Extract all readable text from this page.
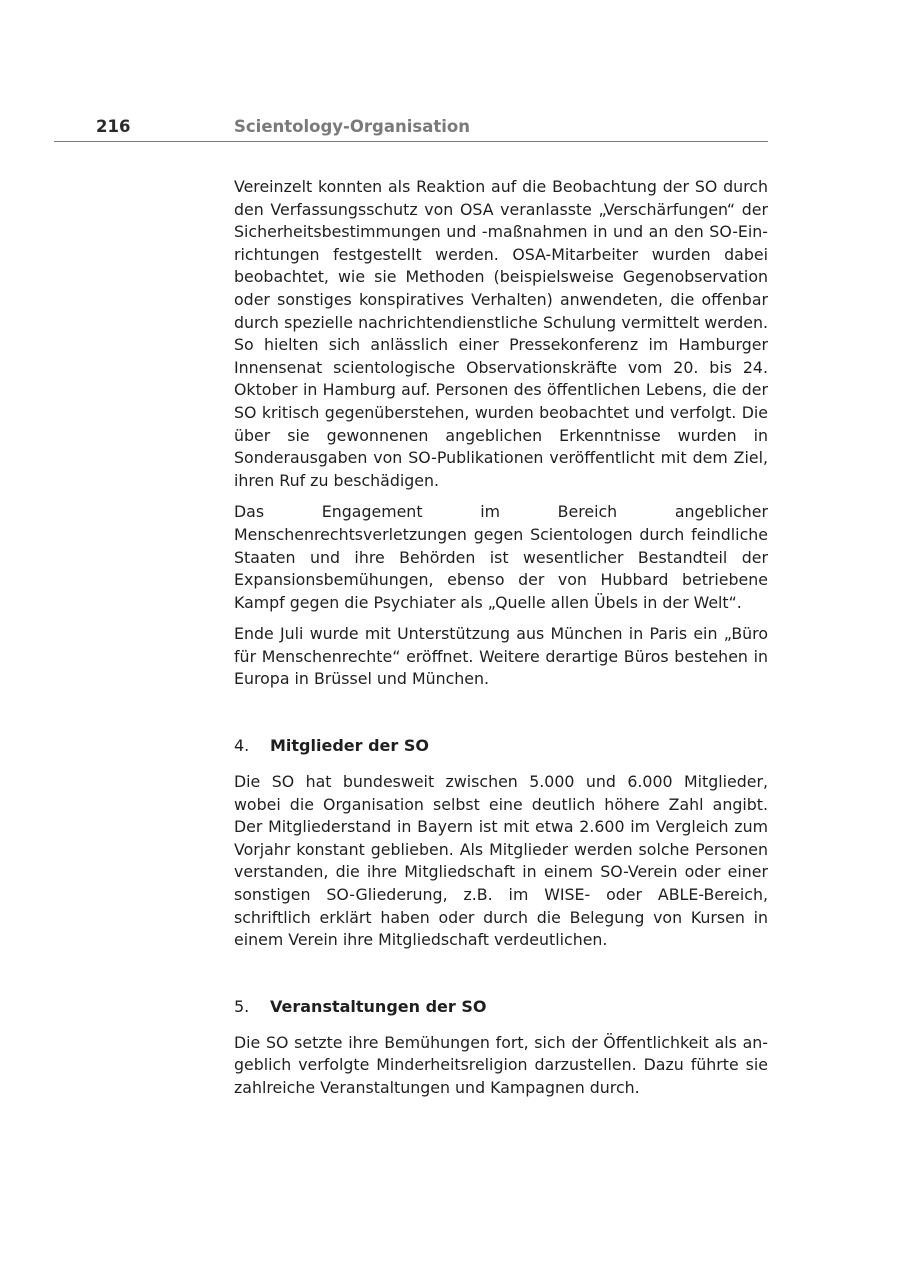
216	Scientology-Organisation

Vereinzelt konnten als Reaktion auf die Beobachtung der SO durch den Verfassungsschutz von OSA veranlasste „Verschärfungen“ der Sicherheitsbestimmungen und -maßnahmen in und an den SO-Einrichtungen festgestellt werden. OSA-Mitarbeiter wurden dabei beobachtet, wie sie Methoden (beispielsweise Gegenobservation oder sonstiges konspiratives Verhalten) anwendeten, die offenbar durch spezielle nachrichtendienstliche Schulung vermittelt werden. So hielten sich anlässlich einer Pressekonferenz im Hamburger Innensenat scientologische Observationskräfte vom 20. bis 24. Oktober in Hamburg auf. Personen des öffentlichen Lebens, die der SO kritisch gegenüberstehen, wurden beobachtet und verfolgt. Die über sie gewonnenen angeblichen Erkenntnisse wurden in Sonderausgaben von SO-Publikationen veröffentlicht mit dem Ziel, ihren Ruf zu beschädigen.

Das Engagement im Bereich angeblicher Menschenrechtsverletzungen gegen Scientologen durch feindliche Staaten und ihre Behörden ist wesentlicher Bestandteil der Expansionsbemühungen, ebenso der von Hubbard betriebene Kampf gegen die Psychiater als „Quelle allen Übels in der Welt“.

Ende Juli wurde mit Unterstützung aus München in Paris ein „Büro für Menschenrechte“ eröffnet. Weitere derartige Büros bestehen in Europa in Brüssel und München.

4.	Mitglieder der SO

Die SO hat bundesweit zwischen 5.000 und 6.000 Mitglieder, wobei die Organisation selbst eine deutlich höhere Zahl angibt. Der Mitgliederstand in Bayern ist mit etwa 2.600 im Vergleich zum Vorjahr konstant geblieben. Als Mitglieder werden solche Personen verstanden, die ihre Mitgliedschaft in einem SO-Verein oder einer sonstigen SO-Gliederung, z.B. im WISE- oder ABLE-Bereich, schriftlich erklärt haben oder durch die Belegung von Kursen in einem Verein ihre Mitgliedschaft verdeutlichen.

5.	Veranstaltungen der SO

Die SO setzte ihre Bemühungen fort, sich der Öffentlichkeit als angeblich verfolgte Minderheitsreligion darzustellen. Dazu führte sie zahlreiche Veranstaltungen und Kampagnen durch.
